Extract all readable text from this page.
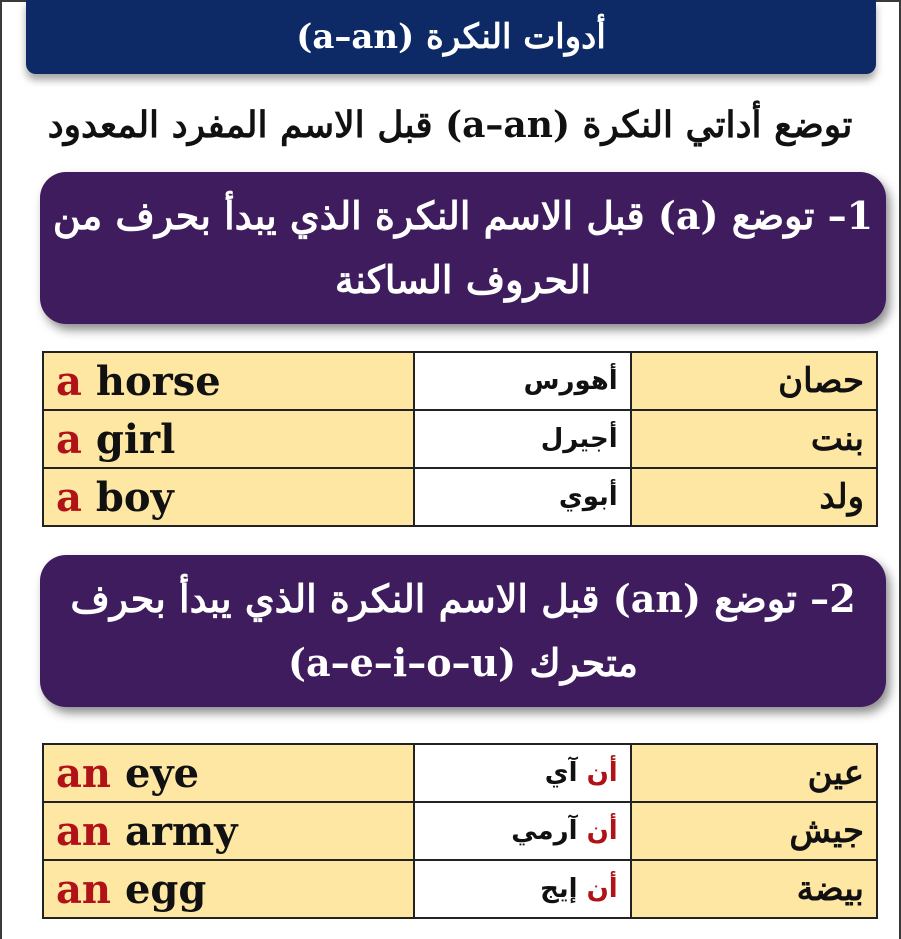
أدوات النكرة (a–an)
توضع أداتي النكرة (a–an) قبل الاسم المفرد المعدود
1– توضع (a) قبل الاسم النكرة الذي يبدأ بحرف من
الحروف الساكنة
a horse	أهورس	حصان
a girl	أجيرل	بنت
a boy	أبوي	ولد
2– توضع (an) قبل الاسم النكرة الذي يبدأ بحرف
متحرك (a–e–i–o–u)
an eye	أن آي	عين
an army	أن آرمي	جيش
an egg	أن إيج	بيضة
